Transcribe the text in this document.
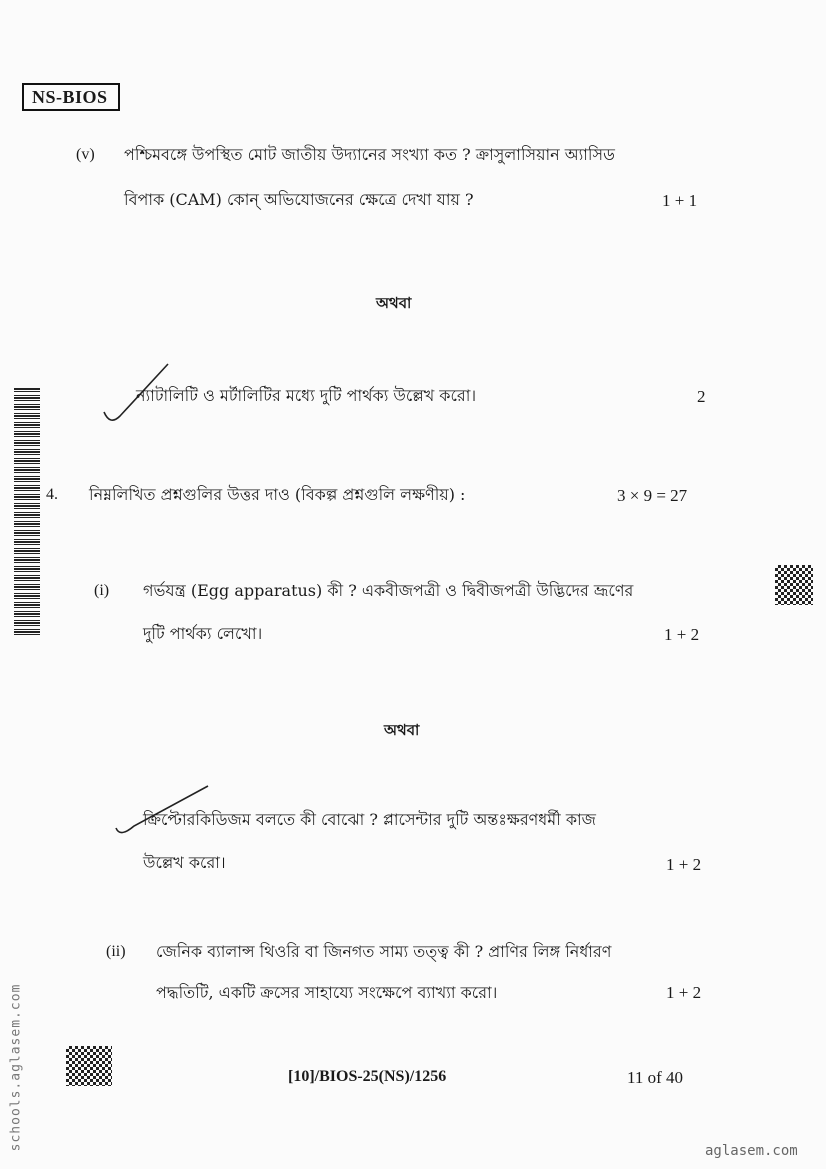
NS-BIOS
(v) পশ্চিমবঙ্গে উপস্থিত মোট জাতীয় উদ্যানের সংখ্যা কত ? ক্রাসুলাসিয়ান অ্যাসিড
বিপাক (CAM) কোন্ অভিযোজনের ক্ষেত্রে দেখা যায় ?	1 + 1
অথবা
ন্যাটালিটি ও মর্টালিটির মধ্যে দুটি পার্থক্য উল্লেখ করো।	2
4. নিম্নলিখিত প্রশ্নগুলির উত্তর দাও (বিকল্প প্রশ্নগুলি লক্ষণীয়) :	3 × 9 = 27
(i) গর্ভযন্ত্র (Egg apparatus) কী ? একবীজপত্রী ও দ্বিবীজপত্রী উদ্ভিদের ভ্রূণের
দুটি পার্থক্য লেখো।	1 + 2
অথবা
ক্রিপ্টোরকিডিজম বলতে কী বোঝো ? প্লাসেন্টার দুটি অন্তঃক্ষরণধর্মী কাজ
উল্লেখ করো।	1 + 2
(ii) জেনিক ব্যালান্স থিওরি বা জিনগত সাম্য তত্ত্ব কী ? প্রাণির লিঙ্গ নির্ধারণ
পদ্ধতিটি, একটি ক্রসের সাহায্যে সংক্ষেপে ব্যাখ্যা করো।	1 + 2
[10]/BIOS-25(NS)/1256	11 of 40
schools.aglasem.com	aglasem.com
